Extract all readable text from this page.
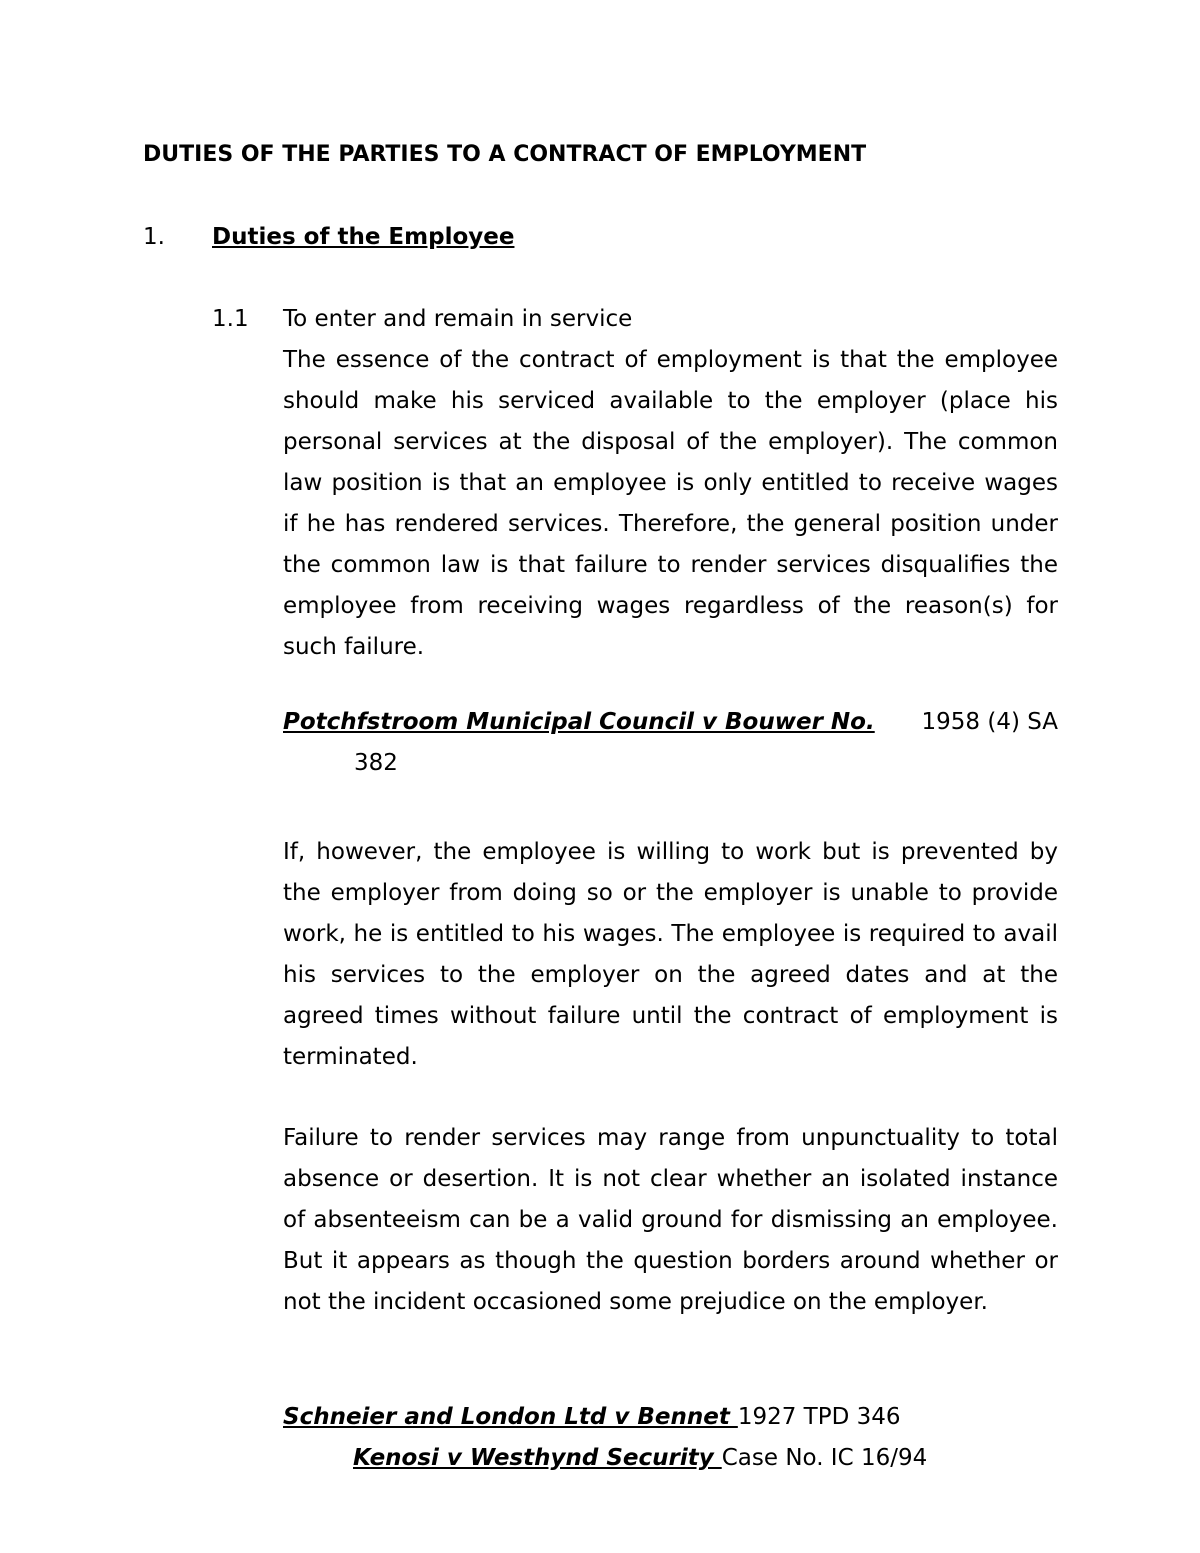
DUTIES OF THE PARTIES TO A CONTRACT OF EMPLOYMENT
1. Duties of the Employee
1.1 To enter and remain in service
The essence of the contract of employment is that the employee should make his serviced available to the employer (place his personal services at the disposal of the employer). The common law position is that an employee is only entitled to receive wages if he has rendered services. Therefore, the general position under the common law is that failure to render services disqualifies the employee from receiving wages regardless of the reason(s) for such failure.
Potchfstroom Municipal Council v Bouwer No. 1958 (4) SA
382
If, however, the employee is willing to work but is prevented by the employer from doing so or the employer is unable to provide work, he is entitled to his wages. The employee is required to avail his services to the employer on the agreed dates and at the agreed times without failure until the contract of employment is terminated.
Failure to render services may range from unpunctuality to total absence or desertion. It is not clear whether an isolated instance of absenteeism can be a valid ground for dismissing an employee. But it appears as though the question borders around whether or not the incident occasioned some prejudice on the employer.
Schneier and London Ltd v Bennet 1927 TPD 346
Kenosi v Westhynd Security Case No. IC 16/94
